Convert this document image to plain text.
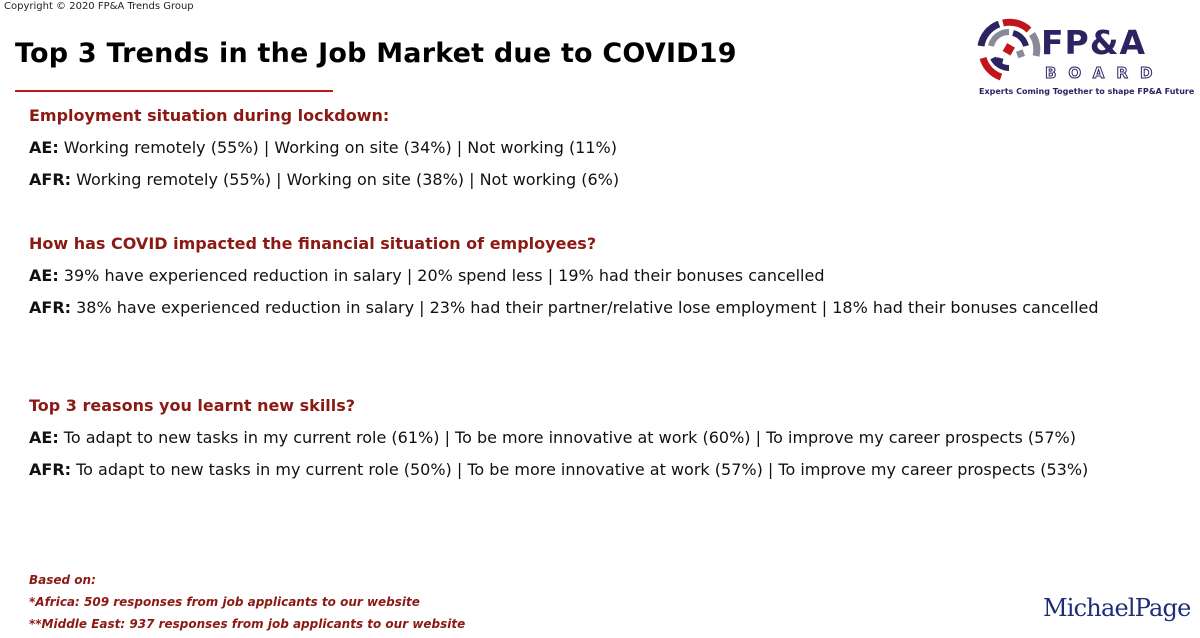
Copyright © 2020 FP&A Trends Group
Top 3 Trends in the Job Market due to COVID19	FP&A
BOARD
Experts Coming Together to shape FP&A Future

Employment situation during lockdown:

AE: Working remotely (55%) | Working on site (34%) | Not working (11%)

AFR: Working remotely (55%) | Working on site (38%) | Not working (6%)

How has COVID impacted the financial situation of employees?

AE: 39% have experienced reduction in salary | 20% spend less | 19% had their bonuses cancelled

AFR: 38% have experienced reduction in salary | 23% had their partner/relative lose employment | 18% had their bonuses cancelled

Top 3 reasons you learnt new skills?

AE: To adapt to new tasks in my current role (61%) | To be more innovative at work (60%) | To improve my career prospects (57%)

AFR: To adapt to new tasks in my current role (50%) | To be more innovative at work (57%) | To improve my career prospects (53%)

Based on:

*Africa: 509 responses from job applicants to our website

**Middle East: 937 responses from job applicants to our website

MichaelPage
